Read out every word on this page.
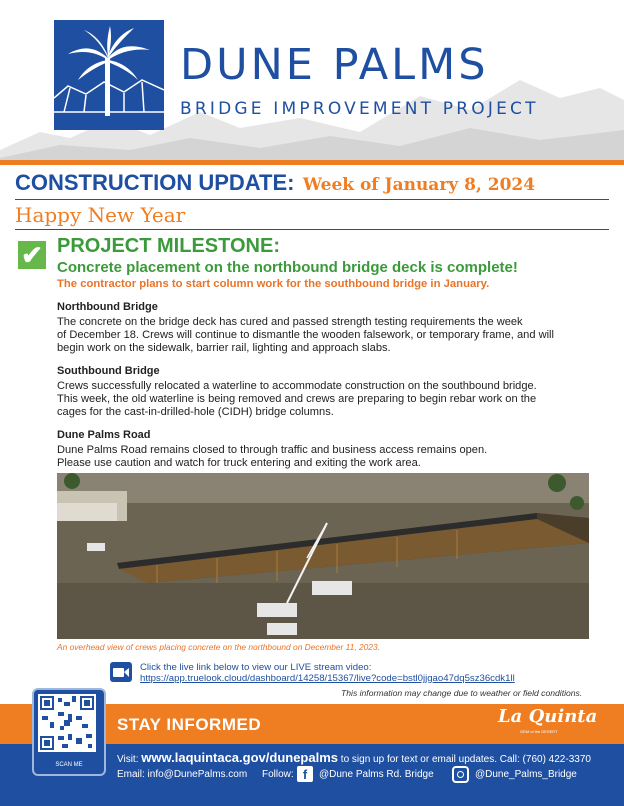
DUNE PALMS
BRIDGE IMPROVEMENT PROJECT
CONSTRUCTION UPDATE: Week of January 8, 2024
Happy New Year
✔ PROJECT MILESTONE:
Concrete placement on the northbound bridge deck is complete!
The contractor plans to start column work for the southbound bridge in January.
Northbound Bridge
The concrete on the bridge deck has cured and passed strength testing requirements the week
of December 18. Crews will continue to dismantle the wooden falsework, or temporary frame, and will
begin work on the sidewalk, barrier rail, lighting and approach slabs.
Southbound Bridge
Crews successfully relocated a waterline to accommodate construction on the southbound bridge.
This week, the old waterline is being removed and crews are preparing to begin rebar work on the
cages for the cast-in-drilled-hole (CIDH) bridge columns.
Dune Palms Road
Dune Palms Road remains closed to through traffic and business access remains open.
Please use caution and watch for truck entering and exiting the work area.
An overhead view of crews placing concrete on the northbound on December 11, 2023.
Click the live link below to view our LIVE stream video:
https://app.truelook.cloud/dashboard/14258/15367/live?code=bstl0jjgao47dq5sz36cdk1ll
This information may change due to weather or field conditions.
STAY INFORMED	La Quinta
GEM of the DESERT
SCAN ME	Visit: www.laquintaca.gov/dunepalms to sign up for text or email updates. Call: (760) 422-3370
Email: info@DunePalms.com Follow: f	@Dune Palms Rd. Bridge	@Dune_Palms_Bridge
